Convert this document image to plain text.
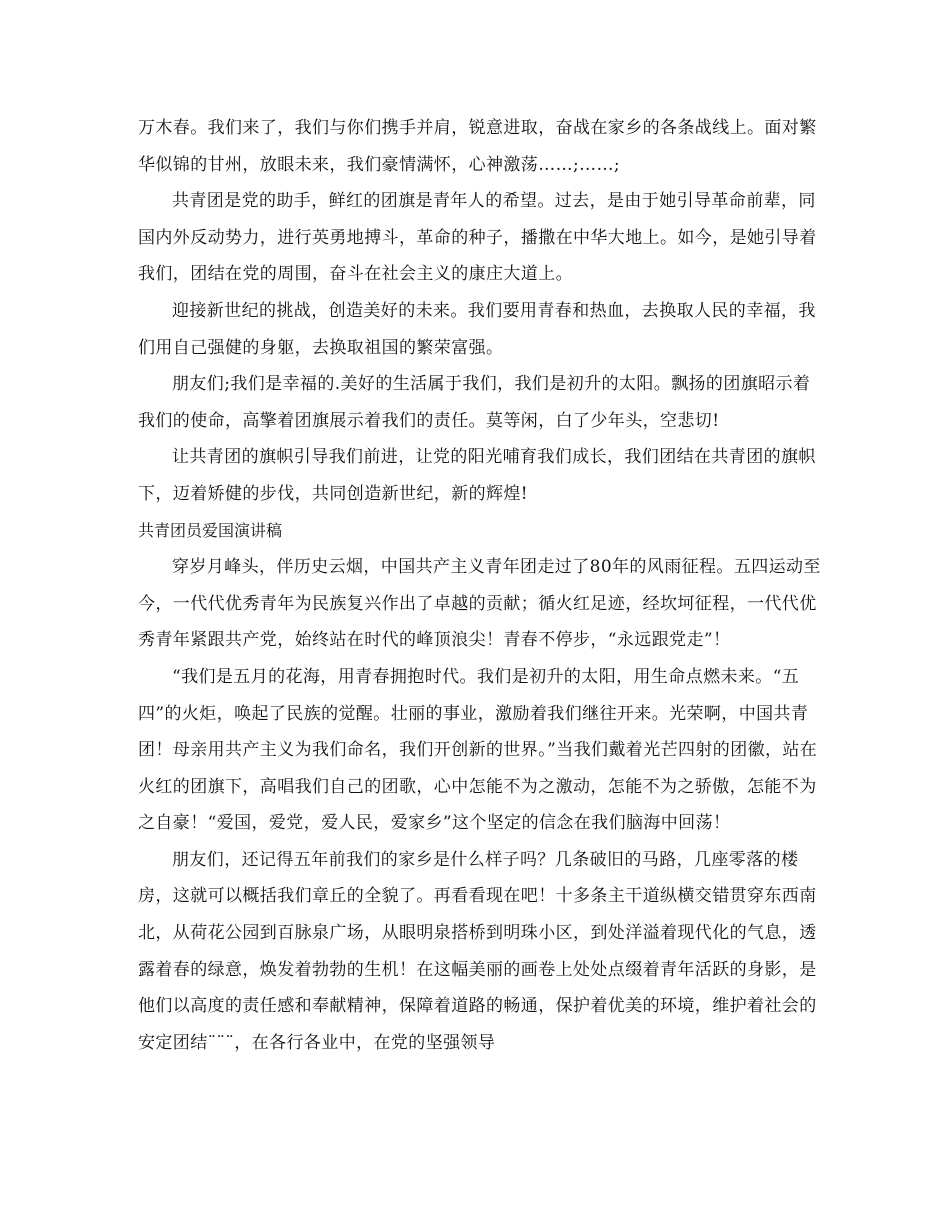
万木春。我们来了，我们与你们携手并肩，锐意进取，奋战在家乡的各条战线上。面对繁华似锦的甘州，放眼未来，我们豪情满怀，心神激荡……;……;

共青团是党的助手，鲜红的团旗是青年人的希望。过去，是由于她引导革命前辈，同国内外反动势力，进行英勇地搏斗，革命的种子，播撒在中华大地上。如今，是她引导着我们，团结在党的周围，奋斗在社会主义的康庄大道上。

迎接新世纪的挑战，创造美好的未来。我们要用青春和热血，去换取人民的幸福，我们用自己强健的身躯，去换取祖国的繁荣富强。

朋友们;我们是幸福的.美好的生活属于我们，我们是初升的太阳。飘扬的团旗昭示着我们的使命，高擎着团旗展示着我们的责任。莫等闲，白了少年头，空悲切!

让共青团的旗帜引导我们前进，让党的阳光哺育我们成长，我们团结在共青团的旗帜下，迈着矫健的步伐，共同创造新世纪，新的辉煌!

共青团员爱国演讲稿

穿岁月峰头，伴历史云烟，中国共产主义青年团走过了80年的风雨征程。五四运动至今，一代代优秀青年为民族复兴作出了卓越的贡献；循火红足迹，经坎坷征程，一代代优秀青年紧跟共产党，始终站在时代的峰顶浪尖！青春不停步，“永远跟党走”！

“我们是五月的花海，用青春拥抱时代。我们是初升的太阳，用生命点燃未来。“五四”的火炬，唤起了民族的觉醒。壮丽的事业，激励着我们继往开来。光荣啊，中国共青团！母亲用共产主义为我们命名，我们开创新的世界。”当我们戴着光芒四射的团徽，站在火红的团旗下，高唱我们自己的团歌，心中怎能不为之激动，怎能不为之骄傲，怎能不为之自豪！“爱国，爱党，爱人民，爱家乡”这个坚定的信念在我们脑海中回荡！

朋友们，还记得五年前我们的家乡是什么样子吗？几条破旧的马路，几座零落的楼房，这就可以概括我们章丘的全貌了。再看看现在吧！十多条主干道纵横交错贯穿东西南北，从荷花公园到百脉泉广场，从眼明泉搭桥到明珠小区，到处洋溢着现代化的气息，透露着春的绿意，焕发着勃勃的生机！在这幅美丽的画卷上处处点缀着青年活跃的身影，是他们以高度的责任感和奉献精神，保障着道路的畅通，保护着优美的环境，维护着社会的安定团结¨¨¨，在各行各业中，在党的坚强领导
